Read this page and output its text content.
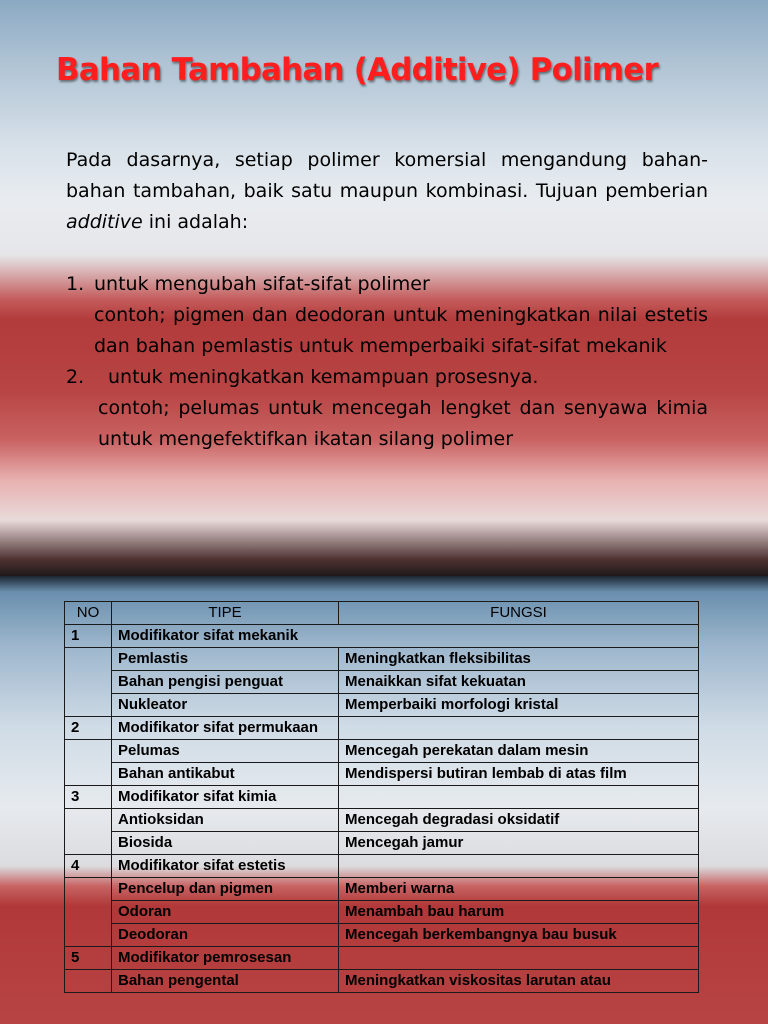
Bahan Tambahan (Additive) Polimer

Pada dasarnya, setiap polimer komersial mengandung bahan-bahan tambahan, baik satu maupun kombinasi. Tujuan pemberian additive ini adalah:

1. untuk mengubah sifat-sifat polimer
contoh; pigmen dan deodoran untuk meningkatkan nilai estetis dan bahan pemlastis untuk memperbaiki sifat-sifat mekanik
2.	untuk meningkatkan kemampuan prosesnya.
contoh; pelumas untuk mencegah lengket dan senyawa kimia untuk mengefektifkan ikatan silang polimer
NO	TIPE	FUNGSI
1	Modifikator sifat mekanik	
	Pemlastis	Meningkatkan fleksibilitas
	Bahan pengisi penguat	Menaikkan sifat kekuatan
	Nukleator	Memperbaiki morfologi kristal
2	Modifikator sifat permukaan	
	Pelumas	Mencegah perekatan dalam mesin
	Bahan antikabut	Mendispersi butiran lembab di atas film
3	Modifikator sifat kimia	
	Antioksidan	Mencegah degradasi oksidatif
	Biosida	Mencegah jamur
4	Modifikator sifat estetis	
	Pencelup dan pigmen	Memberi warna
	Odoran	Menambah bau harum
	Deodoran	Mencegah berkembangnya bau busuk
5	Modifikator pemrosesan	
	Bahan pengental	Meningkatkan viskositas larutan atau
